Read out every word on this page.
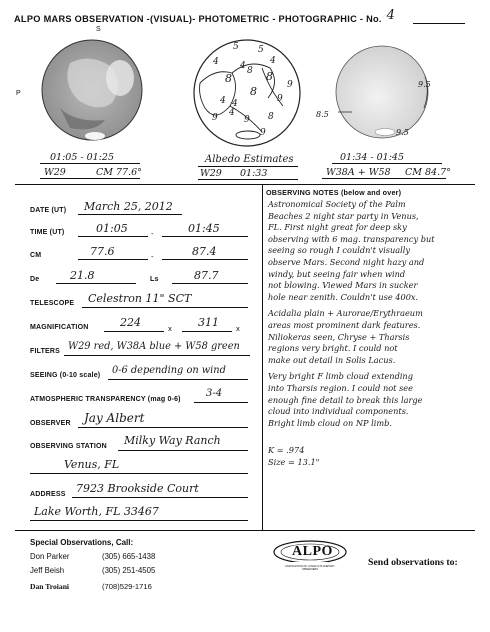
ALPO MARS OBSERVATION -(VISUAL)- PHOTOMETRIC - PHOTOGRAPHIC - No. 4
S
P
5 5
4 4
4 4
8	8
8	9
8
9
8
4
4
9	9
9
9.5
8.5
9.5
01:05 - 01:25
W29	CM 77.6°
Albedo Estimates
W29 01:33
01:34 - 01:45
W38A + W58 CM 84.7°
DATE (UT) March 25, 2012
TIME (UT)	01:05	-	01:45
CM	77.6	-	87.4
De	21.8	Ls	87.7
TELESCOPE Celestron 11" SCT
MAGNIFICATION	224	x 311 x
FILTERS W29 red, W38A blue + W58 green
SEEING (0-10 scale) 0-6 depending on wind
ATMOSPHERIC TRANSPARENCY (mag 0-6)
3-4
OBSERVER Jay Albert
OBSERVING STATION Milky Way Ranch
Venus, FL
ADDRESS 7923 Brookside Court
Lake Worth, FL 33467
OBSERVING NOTES (below and over)

Astronomical Society of the Palm

Beaches 2 night star party in Venus,

FL. First night great for deep sky

observing with 6 mag. transparency but

seeing so rough I couldn't visually

observe Mars. Second night hazy and

windy, but seeing fair when wind

not blowing. Viewed Mars in sucker

hole near zenith. Couldn't use 400x.

Acidalia plain + Aurorae/Erythraeum

areas most prominent dark features.

Niliokeras seen, Chryse + Tharsis

regions very bright. I could not

make out detail in Solis Lacus.

Very bright F limb cloud extending

into Tharsis region. I could not see

enough fine detail to break this large

cloud into individual components.

Bright limb cloud on NP limb.

K = .974

Size = 13.1"

Special Observations, Call:
Don Parker	(305) 665-1438
Jeff Beish	(305) 251-4505
Dan Troiani	(708)529-1716
ALPO
ASSOCIATION OF LUNAR & PLANETARY OBSERVERS
Send observations to:
